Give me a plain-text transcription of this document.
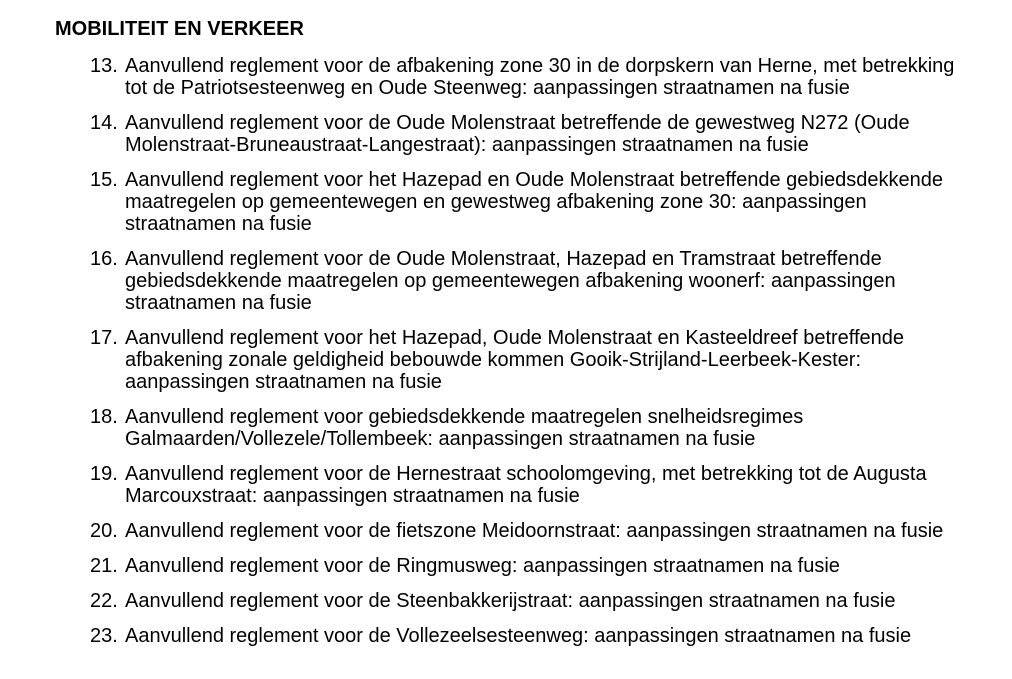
MOBILITEIT EN VERKEER
13. Aanvullend reglement voor de afbakening zone 30 in de dorpskern van Herne, met betrekking tot de Patriotsesteenweg en Oude Steenweg: aanpassingen straatnamen na fusie
14. Aanvullend reglement voor de Oude Molenstraat betreffende de gewestweg N272 (Oude Molenstraat-Bruneaustraat-Langestraat): aanpassingen straatnamen na fusie
15. Aanvullend reglement voor het Hazepad en Oude Molenstraat betreffende gebiedsdekkende maatregelen op gemeentewegen en gewestweg afbakening zone 30: aanpassingen straatnamen na fusie
16. Aanvullend reglement voor de Oude Molenstraat, Hazepad en Tramstraat betreffende gebiedsdekkende maatregelen op gemeentewegen afbakening woonerf: aanpassingen straatnamen na fusie
17. Aanvullend reglement voor het Hazepad, Oude Molenstraat en Kasteeldreef betreffende afbakening zonale geldigheid bebouwde kommen Gooik-Strijland-Leerbeek-Kester: aanpassingen straatnamen na fusie
18. Aanvullend reglement voor gebiedsdekkende maatregelen snelheidsregimes Galmaarden/Vollezele/Tollembeek: aanpassingen straatnamen na fusie
19. Aanvullend reglement voor de Hernestraat schoolomgeving, met betrekking tot de Augusta Marcouxstraat: aanpassingen straatnamen na fusie
20. Aanvullend reglement voor de fietszone Meidoornstraat: aanpassingen straatnamen na fusie
21. Aanvullend reglement voor de Ringmusweg: aanpassingen straatnamen na fusie
22. Aanvullend reglement voor de Steenbakkerijstraat: aanpassingen straatnamen na fusie
23. Aanvullend reglement voor de Vollezeelsesteenweg: aanpassingen straatnamen na fusie
